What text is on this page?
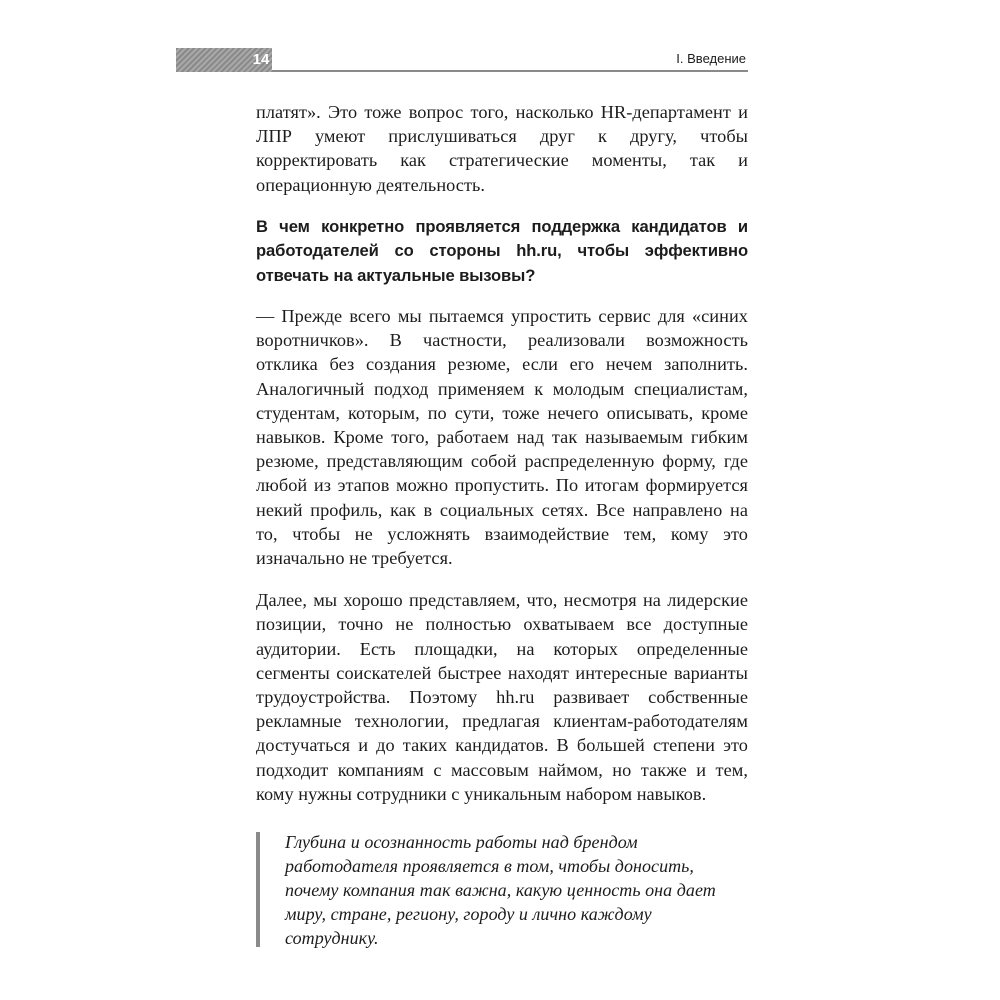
14	I. Введение

платят». Это тоже вопрос того, насколько HR-департамент и ЛПР умеют прислушиваться друг к другу, чтобы корректировать как стратегические моменты, так и операционную деятельность.

В чем конкретно проявляется поддержка кандидатов и работодателей со стороны hh.ru, чтобы эффективно отвечать на актуальные вызовы?

— Прежде всего мы пытаемся упростить сервис для «синих воротничков». В частности, реализовали возможность отклика без создания резюме, если его нечем заполнить. Аналогичный подход применяем к молодым специалистам, студентам, которым, по сути, тоже нечего описывать, кроме навыков. Кроме того, работаем над так называемым гибким резюме, представляющим собой распределенную форму, где любой из этапов можно пропустить. По итогам формируется некий профиль, как в социальных сетях. Все направлено на то, чтобы не усложнять взаимодействие тем, кому это изначально не требуется.

Далее, мы хорошо представляем, что, несмотря на лидерские позиции, точно не полностью охватываем все доступные аудитории. Есть площадки, на которых определенные сегменты соискателей быстрее находят интересные варианты трудоустройства. Поэтому hh.ru развивает собственные рекламные технологии, предлагая клиентам-работодателям достучаться и до таких кандидатов. В большей степени это подходит компаниям с массовым наймом, но также и тем, кому нужны сотрудники с уникальным набором навыков.

Глубина и осознанность работы над брендом работодателя проявляется в том, чтобы доносить, почему компания так важна, какую ценность она дает миру, стране, региону, городу и лично каждому сотруднику.
